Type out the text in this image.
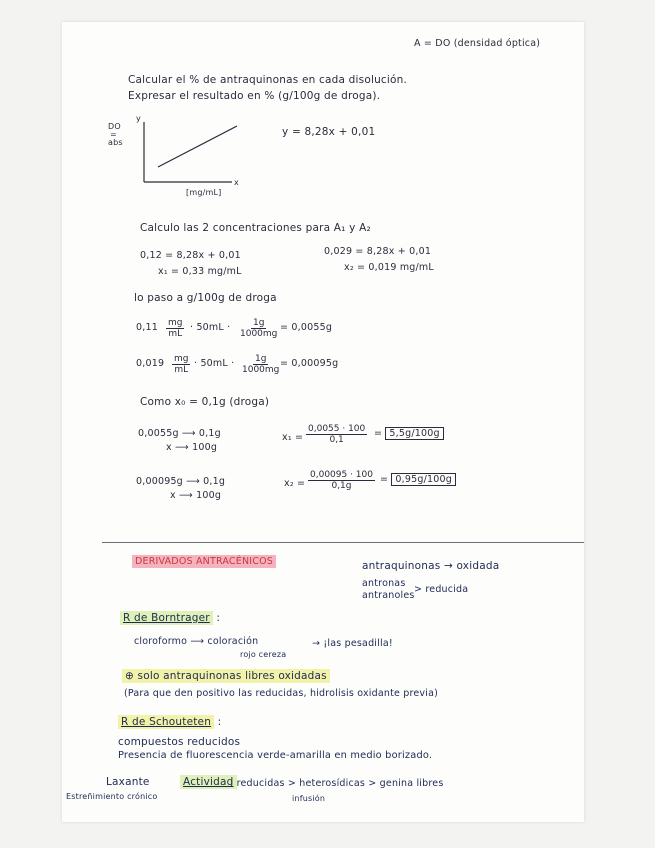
A = DO (densidad óptica)
Calcular el % de antraquinonas en cada disolución.
Expresar el resultado en % (g/100g de droga).
y
DO
=
abs
x
[mg/mL]
y = 8,28x + 0,01
Calculo las 2 concentraciones para A₁ y A₂
0,12 = 8,28x + 0,01
x₁ = 0,33 mg/mL
0,029 = 8,28x + 0,01
x₂ = 0,019 mg/mL
lo paso a g/100g de droga
$0,11 \frac{mg}{mL} \cdot 50mL \cdot \frac{1g}{1000mg} = 0,0055g$
$0,019 \frac{mg}{mL} \cdot 50mL \cdot \frac{1g}{1000mg} = 0,00095g$
Como x₀ = 0,1g (droga)
0,0055g ⟶ 0,1g
x ⟶ 100g
$x_1 = \frac{0,0055 \cdot 100}{0,1} = 5,5g/100g$
0,00095g ⟶ 0,1g
x ⟶ 100g
$x_2 = \frac{0,00095 \cdot 100}{0,1g} = 0,95g/100g$
DERIVADOS ANTRACÉNICOS	antraquinonas → oxidada
antronas
antranoles
> reducida
R de Borntrager :
cloroformo ⟶ coloración
rojo cereza
→ ¡las pesadilla!
⊕ solo antraquinonas libres oxidadas
(Para que den positivo las reducidas, hidrolisis oxidante previa)
R de Schouteten :
compuestos reducidos
Presencia de fluorescencia verde-amarilla en medio borizado.
Laxante
Estreñimiento crónico
Actividad
: reducidas > heterosídicas > genina libres
infusión
